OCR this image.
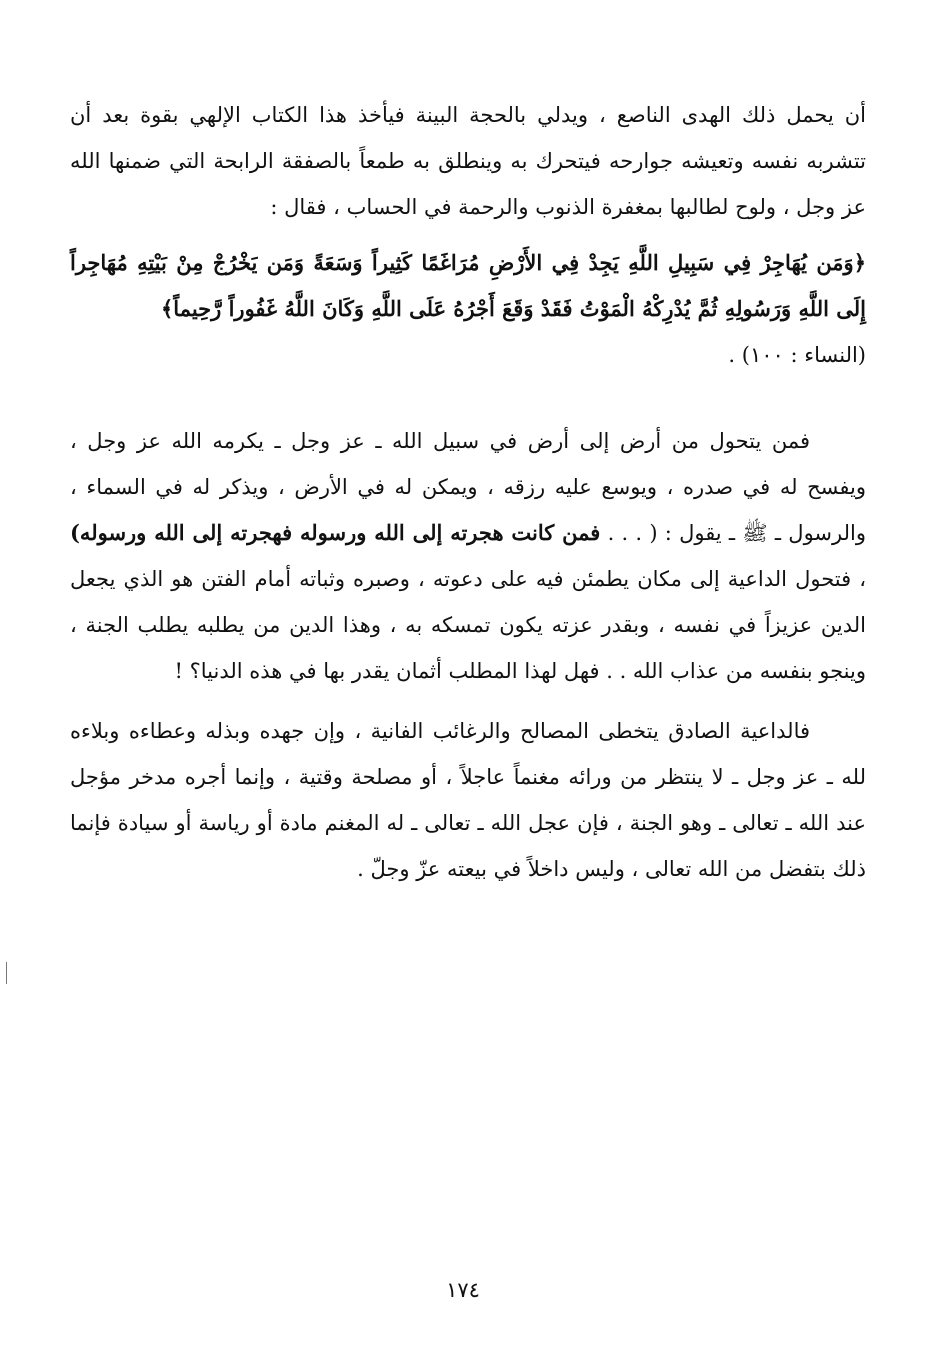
أن يحمل ذلك الهدى الناصع ، ويدلي بالحجة البينة فيأخذ هذا الكتاب الإلهي بقوة بعد أن تتشربه نفسه وتعيشه جوارحه فيتحرك به وينطلق به طمعاً بالصفقة الرابحة التي ضمنها الله عز وجل ، ولوح لطالبها بمغفرة الذنوب والرحمة في الحساب ، فقال :

﴿وَمَن يُهَاجِرْ فِي سَبِيلِ اللَّهِ يَجِدْ فِي الأَرْضِ مُرَاغَمًا كَثِيراً وَسَعَةً وَمَن يَخْرُجْ مِنْ بَيْتِهِ مُهَاجِراً إِلَى اللَّهِ وَرَسُولِهِ ثُمَّ يُدْرِكْهُ الْمَوْتُ فَقَدْ وَقَعَ أَجْرُهُ عَلَى اللَّهِ وَكَانَ اللَّهُ غَفُوراً رَّحِيماً﴾
(النساء : ١٠٠) .

فمن يتحول من أرض إلى أرض في سبيل الله ـ عز وجل ـ يكرمه الله عز وجل ، ويفسح له في صدره ، ويوسع عليه رزقه ، ويمكن له في الأرض ، ويذكر له في السماء ، والرسول ـ ﷺ ـ يقول : ( . . . فمن كانت هجرته إلى الله ورسوله فهجرته إلى الله ورسوله) ، فتحول الداعية إلى مكان يطمئن فيه على دعوته ، وصبره وثباته أمام الفتن هو الذي يجعل الدين عزيزاً في نفسه ، وبقدر عزته يكون تمسكه به ، وهذا الدين من يطلبه يطلب الجنة ، وينجو بنفسه من عذاب الله . . فهل لهذا المطلب أثمان يقدر بها في هذه الدنيا؟ !

فالداعية الصادق يتخطى المصالح والرغائب الفانية ، وإن جهده وبذله وعطاءه وبلاءه لله ـ عز وجل ـ لا ينتظر من ورائه مغنماً عاجلاً ، أو مصلحة وقتية ، وإنما أجره مدخر مؤجل عند الله ـ تعالى ـ وهو الجنة ، فإن عجل الله ـ تعالى ـ له المغنم مادة أو رياسة أو سيادة فإنما ذلك بتفضل من الله تعالى ، وليس داخلاً في بيعته عزّ وجلّ .

١٧٤
